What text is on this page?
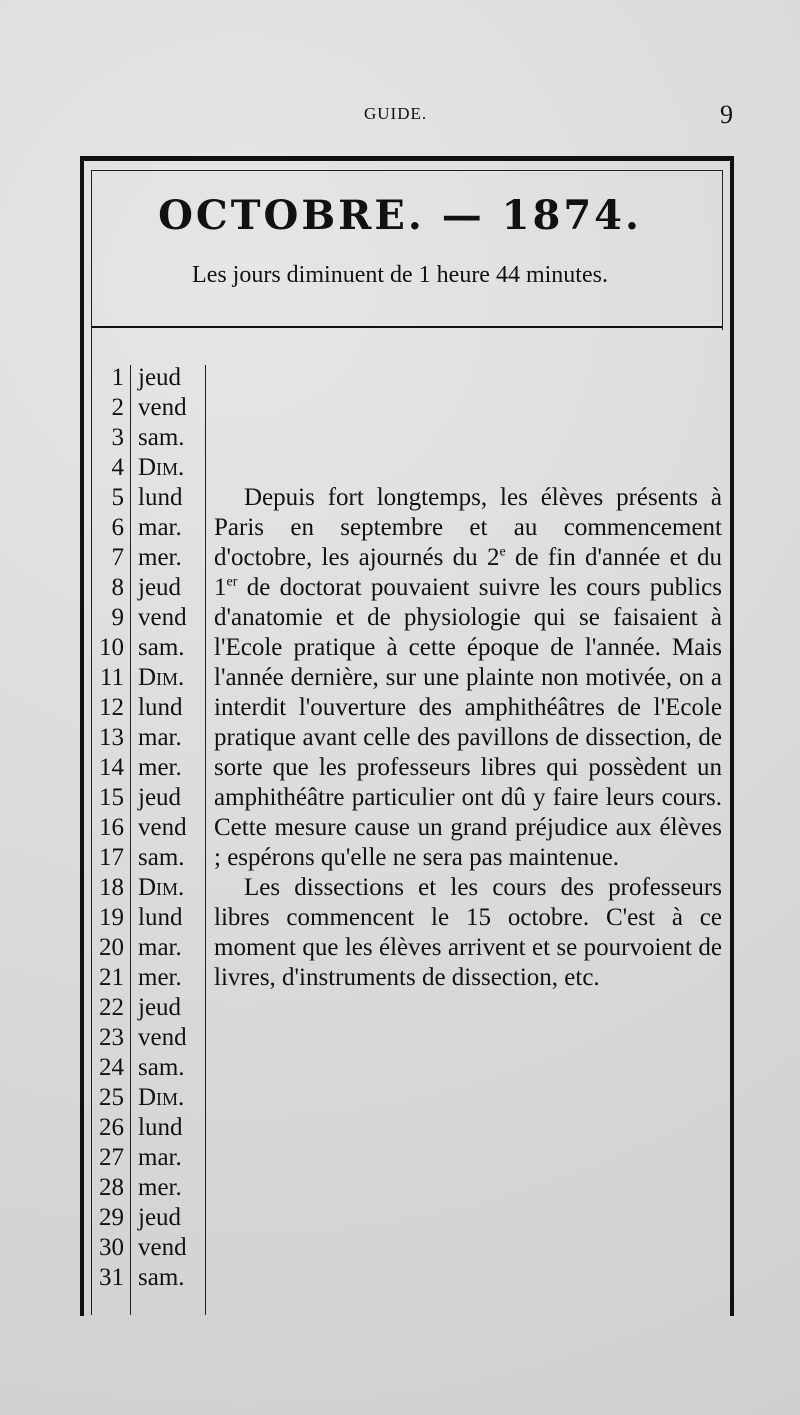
GUIDE.	9
OCTOBRE. — 1874.
Les jours diminuent de 1 heure 44 minutes.
1 jeud
2 vend
3 sam.
4 Dim.
5 lund
6 mar.
7 mer.
8 jeud
9 vend
10 sam.
11 Dim.
12 lund
13 mar.
14 mer.
15 jeud
16 vend
17 sam.
18 Dim.
19 lund
20 mar.
21 mer.
22 jeud
23 vend
24 sam.
25 Dim.
26 lund
27 mar.
28 mer.
29 jeud
30 vend
31 sam.

Depuis fort longtemps, les élèves présents à Paris en septembre et au commencement d'octobre, les ajournés du 2e de fin d'année et du 1er de doctorat pouvaient suivre les cours publics d'anatomie et de physiologie qui se faisaient à l'Ecole pratique à cette époque de l'année. Mais l'année dernière, sur une plainte non motivée, on a interdit l'ouverture des amphithéâtres de l'Ecole pratique avant celle des pavillons de dissection, de sorte que les professeurs libres qui possèdent un amphithéâtre particulier ont dû y faire leurs cours. Cette mesure cause un grand préjudice aux élèves ; espérons qu'elle ne sera pas maintenue.

Les dissections et les cours des professeurs libres commencent le 15 octobre. C'est à ce moment que les élèves arrivent et se pourvoient de livres, d'instruments de dissection, etc.
